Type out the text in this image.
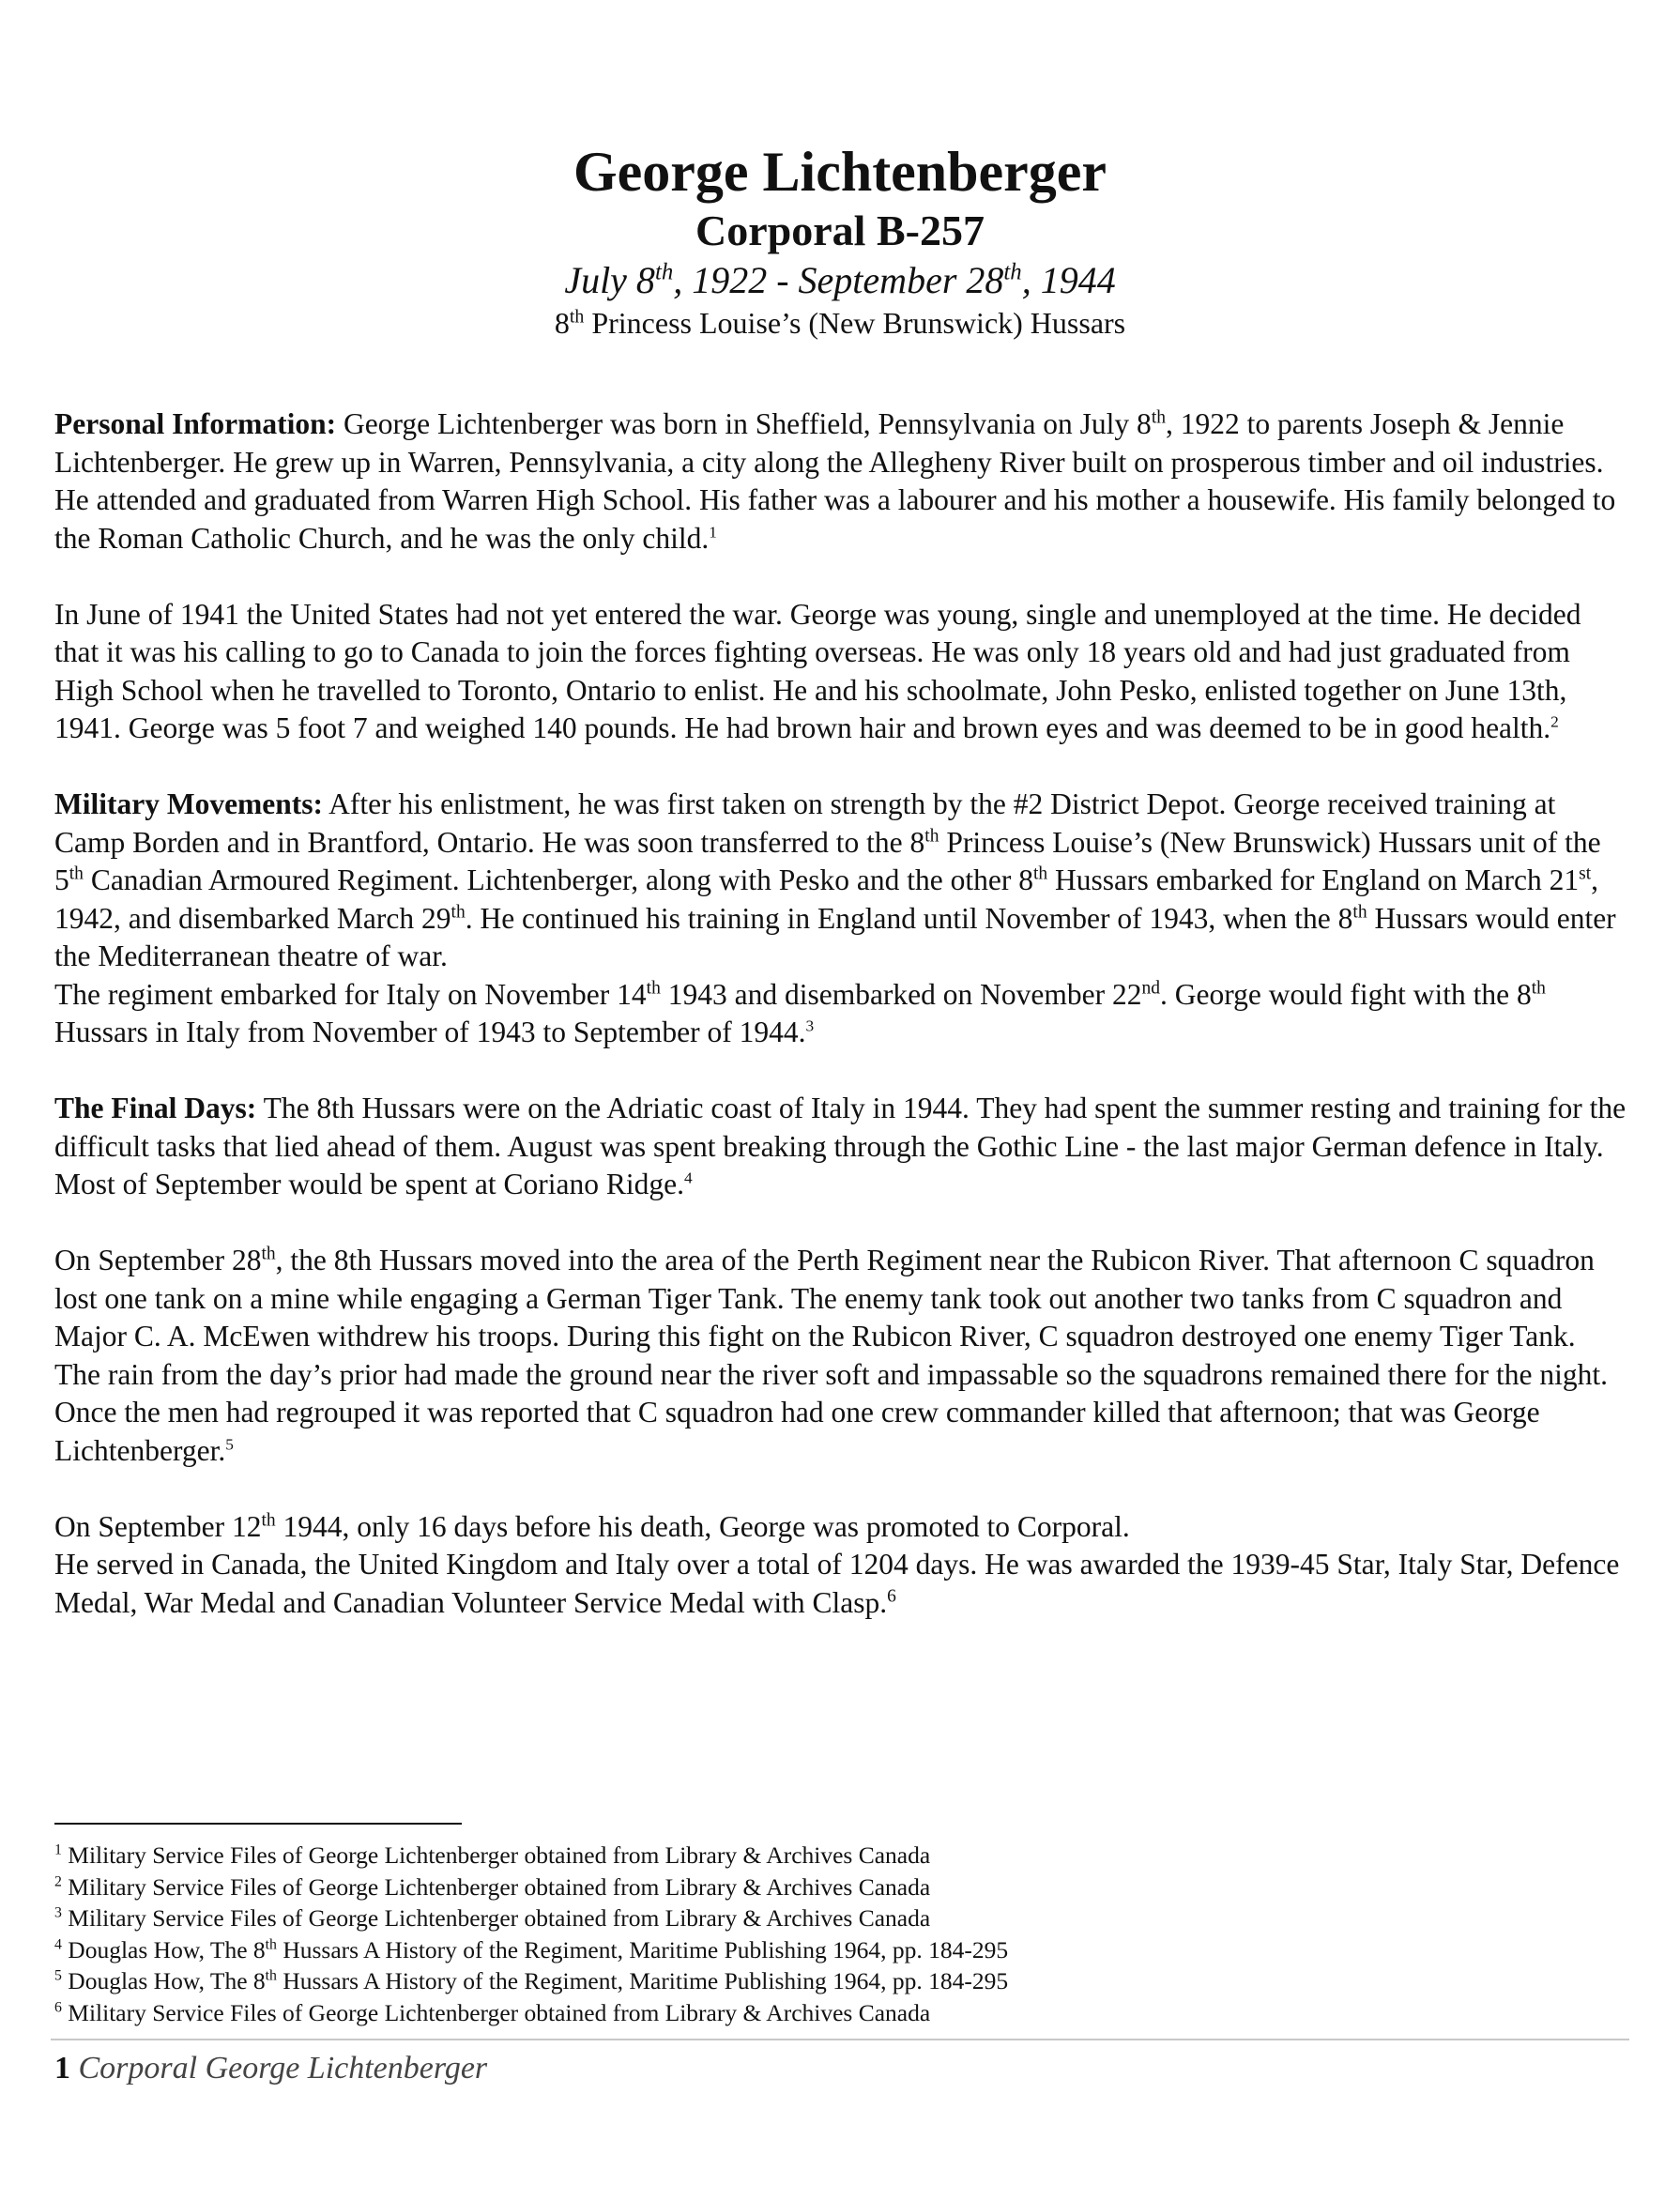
George Lichtenberger

Corporal B-257

July 8th, 1922 - September 28th, 1944

8th Princess Louise’s (New Brunswick) Hussars

Personal Information: George Lichtenberger was born in Sheffield, Pennsylvania on July 8th, 1922 to parents Joseph & Jennie Lichtenberger. He grew up in Warren, Pennsylvania, a city along the Allegheny River built on prosperous timber and oil industries. He attended and graduated from Warren High School. His father was a labourer and his mother a housewife. His family belonged to the Roman Catholic Church, and he was the only child.$^1$

In June of 1941 the United States had not yet entered the war. George was young, single and unemployed at the time. He decided that it was his calling to go to Canada to join the forces fighting overseas. He was only 18 years old and had just graduated from High School when he travelled to Toronto, Ontario to enlist. He and his schoolmate, John Pesko, enlisted together on June 13th, 1941. George was 5 foot 7 and weighed 140 pounds. He had brown hair and brown eyes and was deemed to be in good health.$^2$

Military Movements: After his enlistment, he was first taken on strength by the #2 District Depot. George received training at Camp Borden and in Brantford, Ontario. He was soon transferred to the 8th Princess Louise’s (New Brunswick) Hussars unit of the 5th Canadian Armoured Regiment. Lichtenberger, along with Pesko and the other 8th Hussars embarked for England on March 21st, 1942, and disembarked March 29th. He continued his training in England until November of 1943, when the 8th Hussars would enter the Mediterranean theatre of war.
The regiment embarked for Italy on November 14th 1943 and disembarked on November 22nd. George would fight with the 8th Hussars in Italy from November of 1943 to September of 1944.$^3$

The Final Days: The 8th Hussars were on the Adriatic coast of Italy in 1944. They had spent the summer resting and training for the difficult tasks that lied ahead of them. August was spent breaking through the Gothic Line - the last major German defence in Italy. Most of September would be spent at Coriano Ridge.$^4$

On September 28th, the 8th Hussars moved into the area of the Perth Regiment near the Rubicon River. That afternoon C squadron lost one tank on a mine while engaging a German Tiger Tank. The enemy tank took out another two tanks from C squadron and Major C. A. McEwen withdrew his troops. During this fight on the Rubicon River, C squadron destroyed one enemy Tiger Tank. The rain from the day’s prior had made the ground near the river soft and impassable so the squadrons remained there for the night. Once the men had regrouped it was reported that C squadron had one crew commander killed that afternoon; that was George Lichtenberger.$^5$

On September 12th 1944, only 16 days before his death, George was promoted to Corporal.
He served in Canada, the United Kingdom and Italy over a total of 1204 days. He was awarded the 1939-45 Star, Italy Star, Defence Medal, War Medal and Canadian Volunteer Service Medal with Clasp.$^6$

$^1$ Military Service Files of George Lichtenberger obtained from Library & Archives Canada

$^2$ Military Service Files of George Lichtenberger obtained from Library & Archives Canada

$^3$ Military Service Files of George Lichtenberger obtained from Library & Archives Canada

$^4$ Douglas How, The 8th Hussars A History of the Regiment, Maritime Publishing 1964, pp. 184-295

$^5$ Douglas How, The 8th Hussars A History of the Regiment, Maritime Publishing 1964, pp. 184-295

$^6$ Military Service Files of George Lichtenberger obtained from Library & Archives Canada

1 Corporal George Lichtenberger
